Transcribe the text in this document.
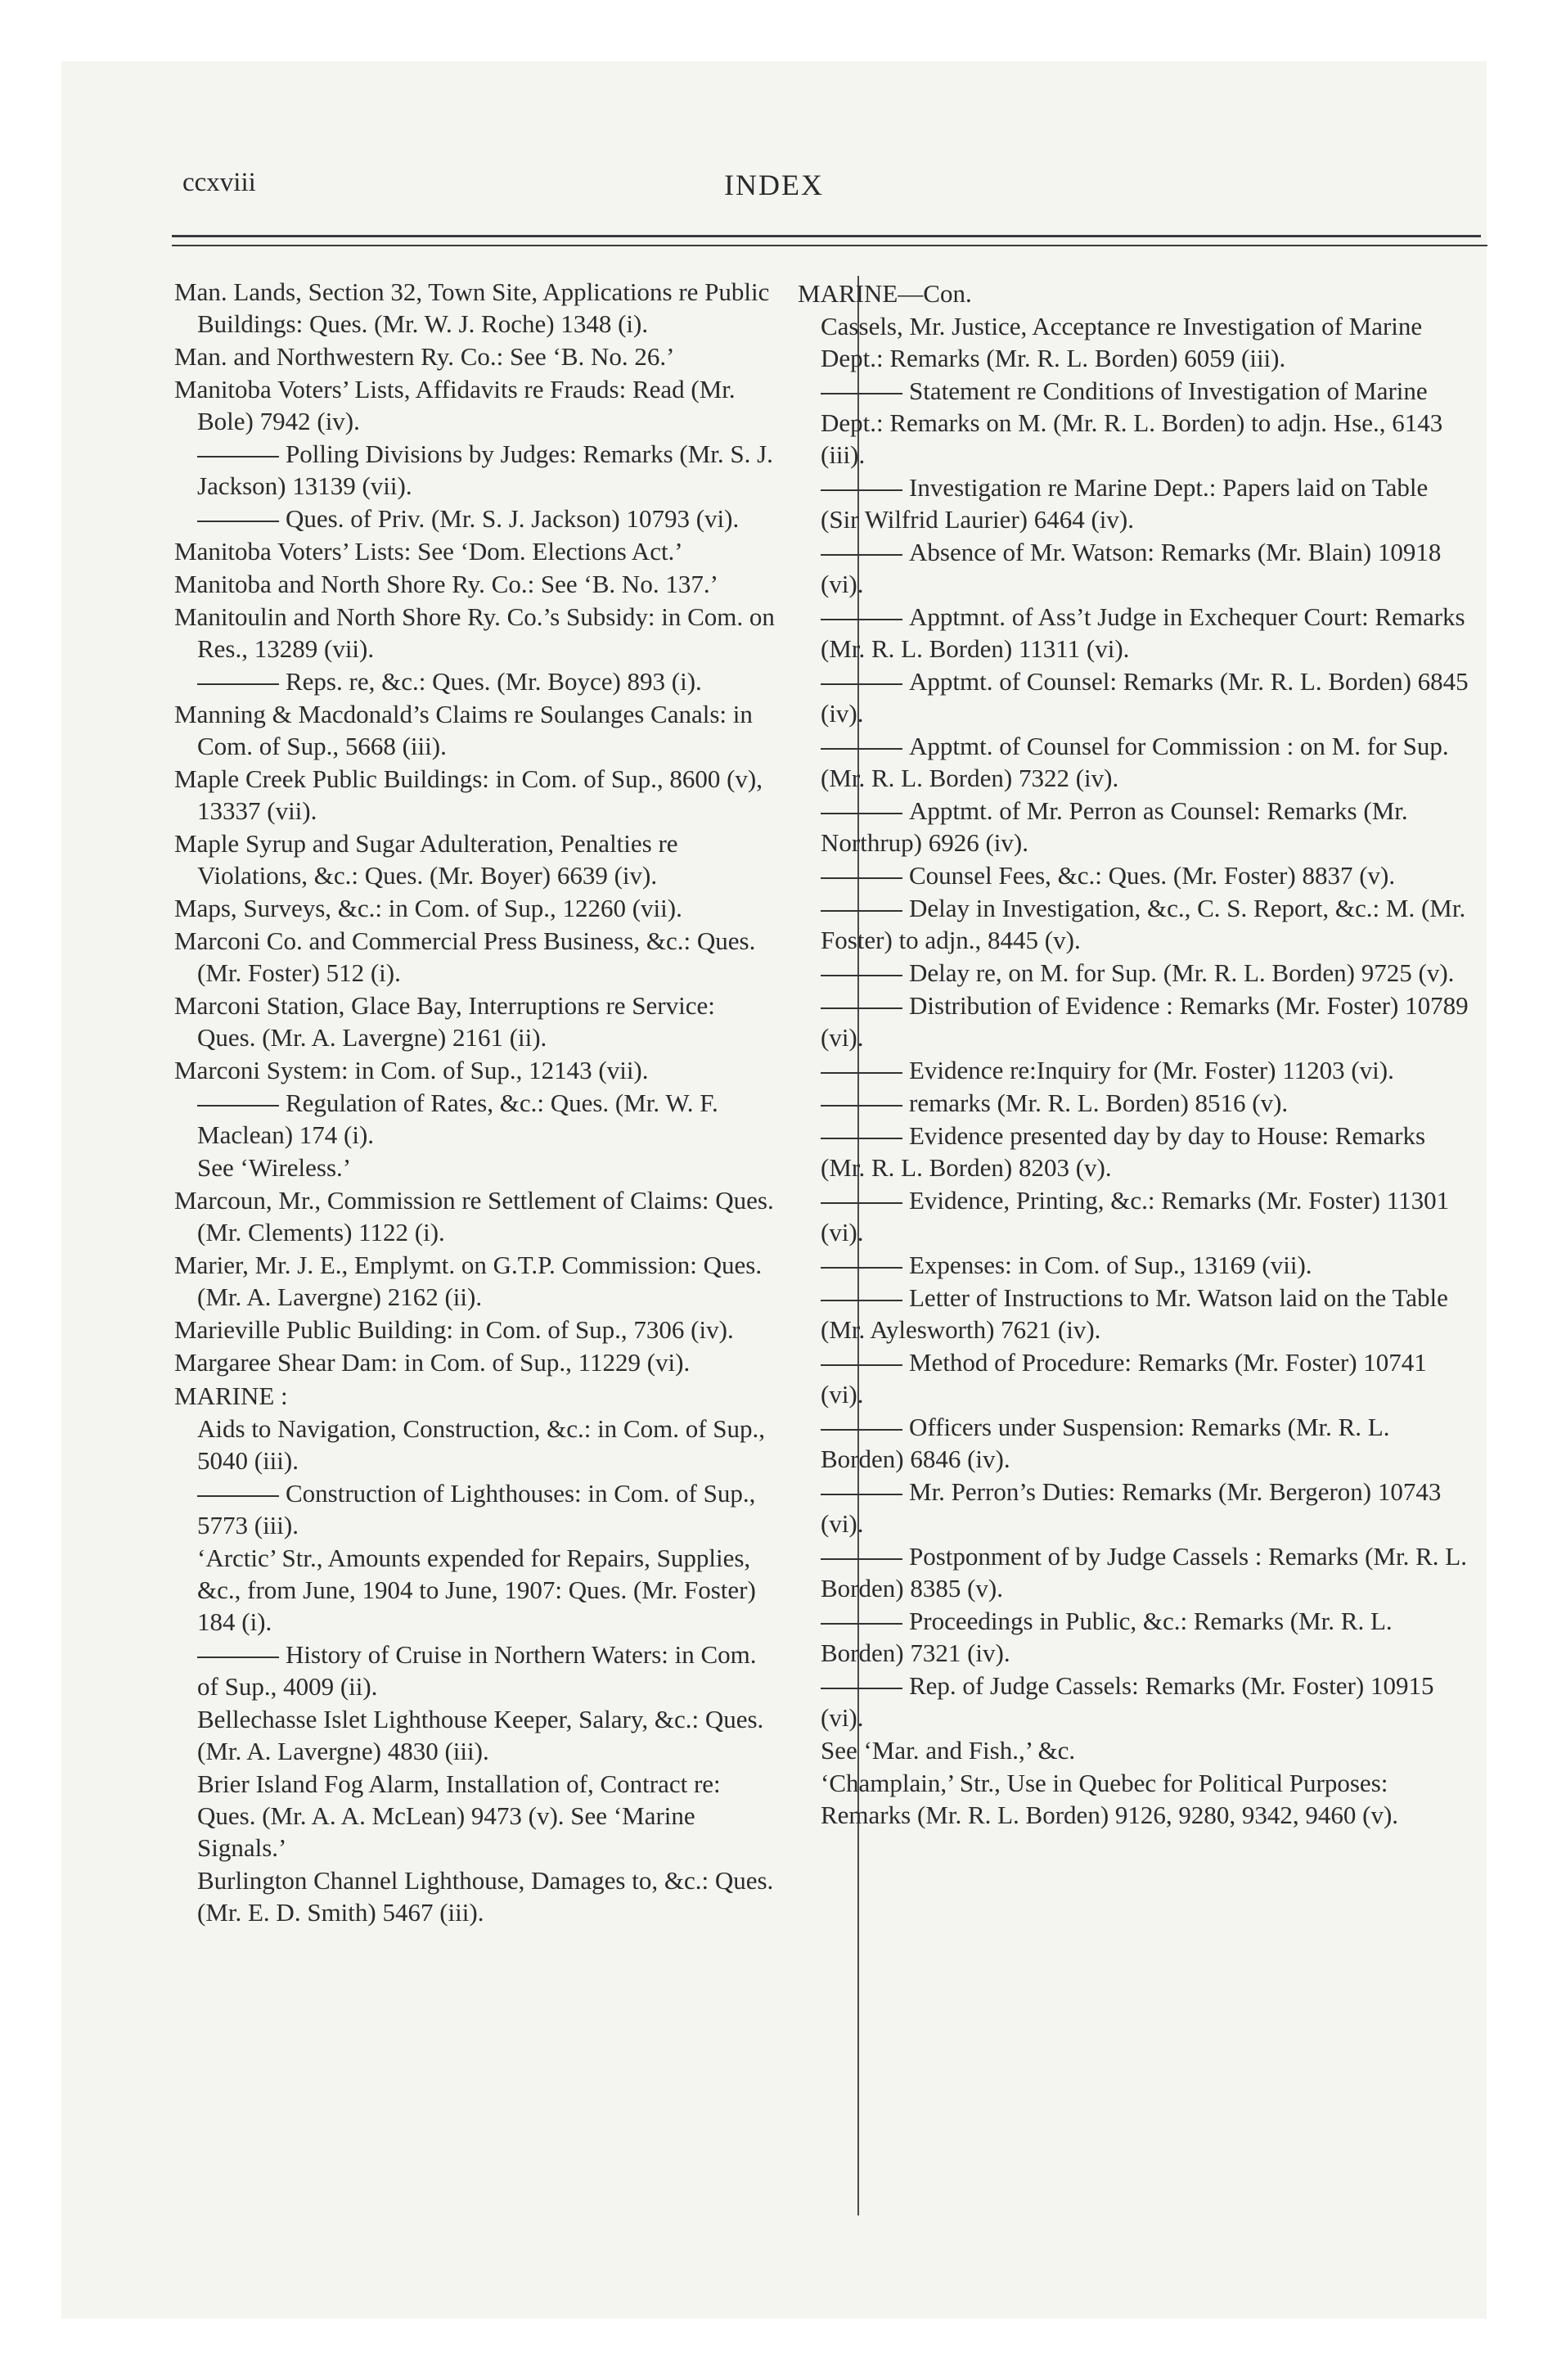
ccxviii	INDEX
Man. Lands, Section 32, Town Site, Applications re Public Buildings: Ques. (Mr. W. J. Roche) 1348 (i).
Man. and Northwestern Ry. Co.: See ‘B. No. 26.’
Manitoba Voters’ Lists, Affidavits re Frauds: Read (Mr. Bole) 7942 (iv).
Polling Divisions by Judges: Remarks (Mr. S. J. Jackson) 13139 (vii).
Ques. of Priv. (Mr. S. J. Jackson) 10793 (vi).
Manitoba Voters’ Lists: See ‘Dom. Elections Act.’
Manitoba and North Shore Ry. Co.: See ‘B. No. 137.’
Manitoulin and North Shore Ry. Co.’s Subsidy: in Com. on Res., 13289 (vii).
Reps. re, &c.: Ques. (Mr. Boyce) 893 (i).
Manning & Macdonald’s Claims re Soulanges Canals: in Com. of Sup., 5668 (iii).
Maple Creek Public Buildings: in Com. of Sup., 8600 (v), 13337 (vii).
Maple Syrup and Sugar Adulteration, Penalties re Violations, &c.: Ques. (Mr. Boyer) 6639 (iv).
Maps, Surveys, &c.: in Com. of Sup., 12260 (vii).
Marconi Co. and Commercial Press Business, &c.: Ques. (Mr. Foster) 512 (i).
Marconi Station, Glace Bay, Interruptions re Service: Ques. (Mr. A. Lavergne) 2161 (ii).
Marconi System: in Com. of Sup., 12143 (vii).
Regulation of Rates, &c.: Ques. (Mr. W. F. Maclean) 174 (i).
See ‘Wireless.’
Marcoun, Mr., Commission re Settlement of Claims: Ques. (Mr. Clements) 1122 (i).
Marier, Mr. J. E., Emplymt. on G.T.P. Commission: Ques. (Mr. A. Lavergne) 2162 (ii).
Marieville Public Building: in Com. of Sup., 7306 (iv).
Margaree Shear Dam: in Com. of Sup., 11229 (vi).
MARINE :
Aids to Navigation, Construction, &c.: in Com. of Sup., 5040 (iii).
Construction of Lighthouses: in Com. of Sup., 5773 (iii).
‘Arctic’ Str., Amounts expended for Repairs, Supplies, &c., from June, 1904 to June, 1907: Ques. (Mr. Foster) 184 (i).
History of Cruise in Northern Waters: in Com. of Sup., 4009 (ii).
Bellechasse Islet Lighthouse Keeper, Salary, &c.: Ques. (Mr. A. Lavergne) 4830 (iii).
Brier Island Fog Alarm, Installation of, Contract re: Ques. (Mr. A. A. McLean) 9473 (v). See ‘Marine Signals.’
Burlington Channel Lighthouse, Damages to, &c.: Ques. (Mr. E. D. Smith) 5467 (iii).
MARINE—Con.
Cassels, Mr. Justice, Acceptance re Investigation of Marine Dept.: Remarks (Mr. R. L. Borden) 6059 (iii).
Statement re Conditions of Investigation of Marine Dept.: Remarks on M. (Mr. R. L. Borden) to adjn. Hse., 6143 (iii).
Investigation re Marine Dept.: Papers laid on Table (Sir Wilfrid Laurier) 6464 (iv).
Absence of Mr. Watson: Remarks (Mr. Blain) 10918 (vi).
Apptmnt. of Ass’t Judge in Exchequer Court: Remarks (Mr. R. L. Borden) 11311 (vi).
Apptmt. of Counsel: Remarks (Mr. R. L. Borden) 6845 (iv).
Apptmt. of Counsel for Commission : on M. for Sup. (Mr. R. L. Borden) 7322 (iv).
Apptmt. of Mr. Perron as Counsel: Remarks (Mr. Northrup) 6926 (iv).
Counsel Fees, &c.: Ques. (Mr. Foster) 8837 (v).
Delay in Investigation, &c., C. S. Report, &c.: M. (Mr. Foster) to adjn., 8445 (v).
Delay re, on M. for Sup. (Mr. R. L. Borden) 9725 (v).
Distribution of Evidence : Remarks (Mr. Foster) 10789 (vi).
Evidence re:Inquiry for (Mr. Foster) 11203 (vi).
remarks (Mr. R. L. Borden) 8516 (v).
Evidence presented day by day to House: Remarks (Mr. R. L. Borden) 8203 (v).
Evidence, Printing, &c.: Remarks (Mr. Foster) 11301 (vi).
Expenses: in Com. of Sup., 13169 (vii).
Letter of Instructions to Mr. Watson laid on the Table (Mr. Aylesworth) 7621 (iv).
Method of Procedure: Remarks (Mr. Foster) 10741 (vi).
Officers under Suspension: Remarks (Mr. R. L. Borden) 6846 (iv).
Mr. Perron’s Duties: Remarks (Mr. Bergeron) 10743 (vi).
Postponment of by Judge Cassels : Remarks (Mr. R. L. Borden) 8385 (v).
Proceedings in Public, &c.: Remarks (Mr. R. L. Borden) 7321 (iv).
Rep. of Judge Cassels: Remarks (Mr. Foster) 10915 (vi).
See ‘Mar. and Fish.,’ &c.
‘Champlain,’ Str., Use in Quebec for Political Purposes: Remarks (Mr. R. L. Borden) 9126, 9280, 9342, 9460 (v).
